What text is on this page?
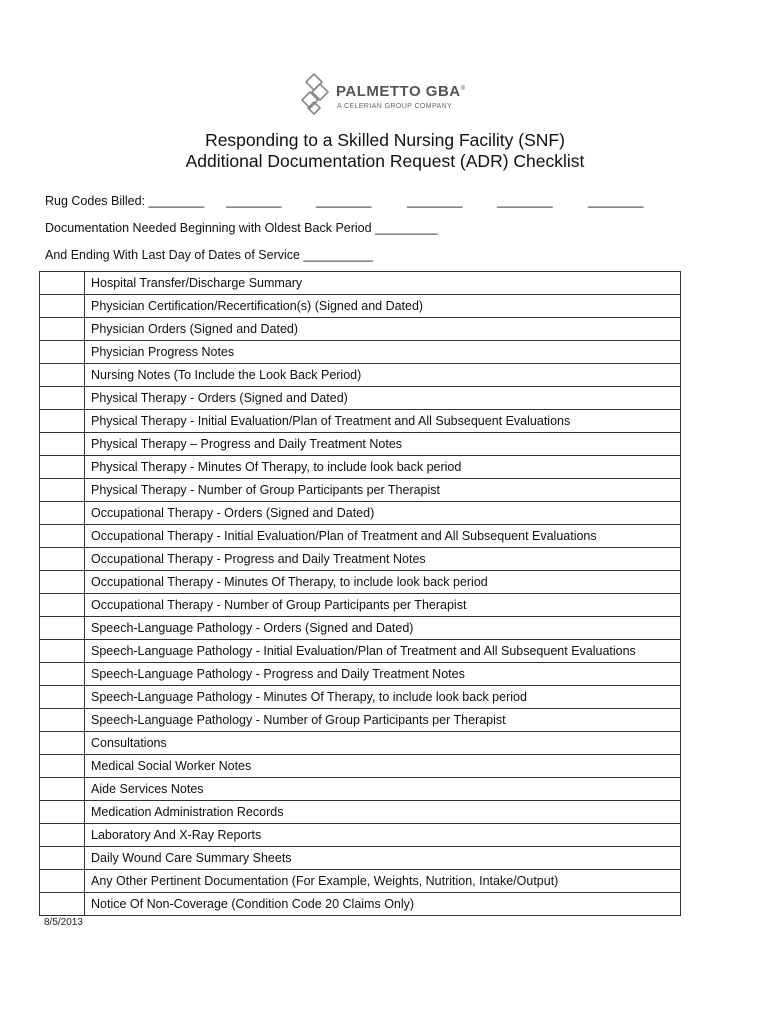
PALMETTO GBA®
A CELERIAN GROUP COMPANY
Responding to a Skilled Nursing Facility (SNF)
Additional Documentation Request (ADR) Checklist
Rug Codes Billed: ________ ________	________	________	________	________
Documentation Needed Beginning with Oldest Back Period _________
And Ending With Last Day of Dates of Service __________
	Hospital Transfer/Discharge Summary
	Physician Certification/Recertification(s) (Signed and Dated)
	Physician Orders (Signed and Dated)
	Physician Progress Notes
	Nursing Notes (To Include the Look Back Period)
	Physical Therapy - Orders (Signed and Dated)
	Physical Therapy - Initial Evaluation/Plan of Treatment and All Subsequent Evaluations
	Physical Therapy – Progress and Daily Treatment Notes
	Physical Therapy - Minutes Of Therapy, to include look back period
	Physical Therapy - Number of Group Participants per Therapist
	Occupational Therapy - Orders (Signed and Dated)
	Occupational Therapy - Initial Evaluation/Plan of Treatment and All Subsequent Evaluations
	Occupational Therapy - Progress and Daily Treatment Notes
	Occupational Therapy - Minutes Of Therapy, to include look back period
	Occupational Therapy - Number of Group Participants per Therapist
	Speech-Language Pathology - Orders (Signed and Dated)
	Speech-Language Pathology - Initial Evaluation/Plan of Treatment and All Subsequent Evaluations
	Speech-Language Pathology - Progress and Daily Treatment Notes
	Speech-Language Pathology - Minutes Of Therapy, to include look back period
	Speech-Language Pathology - Number of Group Participants per Therapist
	Consultations
	Medical Social Worker Notes
	Aide Services Notes
	Medication Administration Records
	Laboratory And X-Ray Reports
	Daily Wound Care Summary Sheets
	Any Other Pertinent Documentation (For Example, Weights, Nutrition, Intake/Output)
	Notice Of Non-Coverage (Condition Code 20 Claims Only)
8/5/2013
